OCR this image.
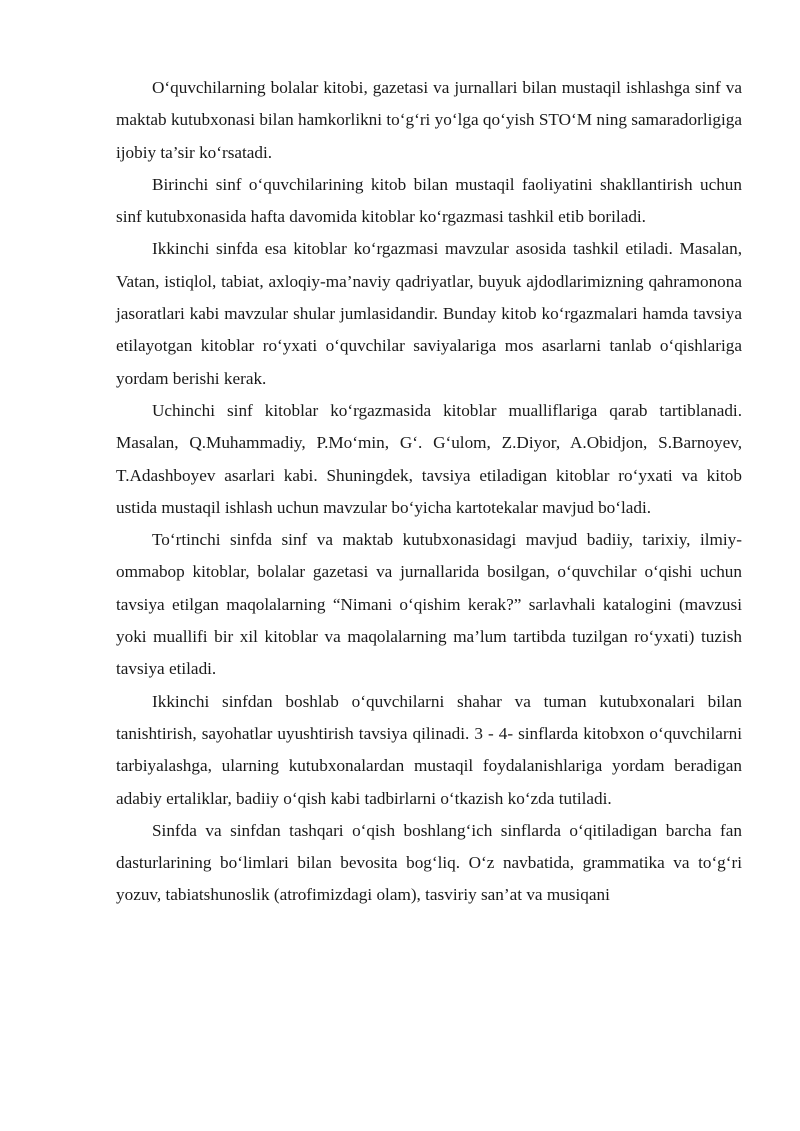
O‘quvchilarning bolalar kitobi, gazetasi va jurnallari bilan mustaqil ishlashga sinf va maktab kutubxonasi bilan hamkorlikni to‘g‘ri yo‘lga qo‘yish STO‘M ning samaradorligiga ijobiy ta’sir ko‘rsatadi.

Birinchi sinf o‘quvchilarining kitob bilan mustaqil faoliyatini shakllantirish uchun sinf kutubxonasida hafta davomida kitoblar ko‘rgazmasi tashkil etib boriladi.

Ikkinchi sinfda esa kitoblar ko‘rgazmasi mavzular asosida tashkil etiladi. Masalan, Vatan, istiqlol, tabiat, axloqiy-ma’naviy qadriyatlar, buyuk ajdodlarimizning qahramonona jasoratlari kabi mavzular shular jumlasidandir. Bunday kitob ko‘rgazmalari hamda tavsiya etilayotgan kitoblar ro‘yxati o‘quvchilar saviyalariga mos asarlarni tanlab o‘qishlariga yordam berishi kerak.

Uchinchi sinf kitoblar ko‘rgazmasida kitoblar mualliflariga qarab tartiblanadi. Masalan, Q.Muhammadiy, P.Mo‘min, G‘. G‘ulom, Z.Diyor, A.Obidjon, S.Barnoyev, T.Adashboyev asarlari kabi. Shuningdek, tavsiya etiladigan kitoblar ro‘yxati va kitob ustida mustaqil ishlash uchun mavzular bo‘yicha kartotekalar mavjud bo‘ladi.

To‘rtinchi sinfda sinf va maktab kutubxonasidagi mavjud badiiy, tarixiy, ilmiy-ommabop kitoblar, bolalar gazetasi va jurnallarida bosilgan, o‘quvchilar o‘qishi uchun tavsiya etilgan maqolalarning “Nimani o‘qishim kerak?” sarlavhali katalogini (mavzusi yoki muallifi bir xil kitoblar va maqolalarning ma’lum tartibda tuzilgan ro‘yxati) tuzish tavsiya etiladi.

Ikkinchi sinfdan boshlab o‘quvchilarni shahar va tuman kutubxonalari bilan tanishtirish, sayohatlar uyushtirish tavsiya qilinadi. 3 - 4- sinflarda kitobxon o‘quvchilarni tarbiyalashga, ularning kutubxonalardan mustaqil foydalanishlariga yordam beradigan adabiy ertaliklar, badiiy o‘qish kabi tadbirlarni o‘tkazish ko‘zda tutiladi.

Sinfda va sinfdan tashqari o‘qish boshlang‘ich sinflarda o‘qitiladigan barcha fan dasturlarining bo‘limlari bilan bevosita bog‘liq. O‘z navbatida, grammatika va to‘g‘ri yozuv, tabiatshunoslik (atrofimizdagi olam), tasviriy san’at va musiqani
